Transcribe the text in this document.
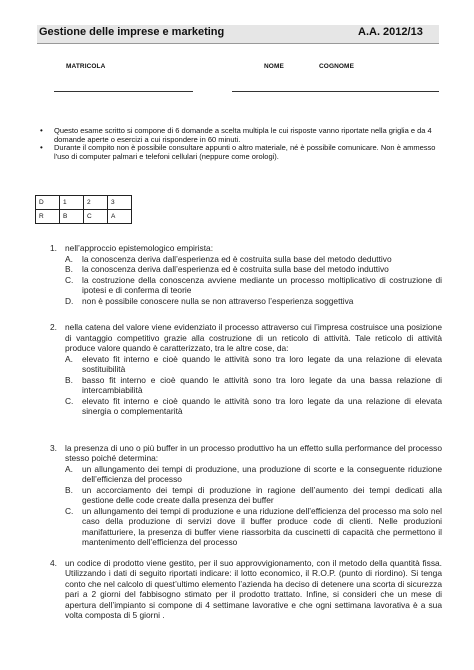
Gestione delle imprese e marketing	A.A. 2012/13
MATRICOLA	NOME	COGNOME
• Questo esame scritto si compone di 6 domande a scelta multipla le cui risposte vanno riportate nella griglia e da 4 domande aperte o esercizi a cui rispondere in 60 minuti.
• Durante il compito non è possibile consultare appunti o altro materiale, né è possibile comunicare. Non è ammesso l'uso di computer palmari e telefoni cellulari (neppure come orologi).
D	1	2	3
R	B	C	A
1. nell’approccio epistemologico empirista:
A. la conoscenza deriva dall’esperienza ed è costruita sulla base del metodo deduttivo
B. la conoscenza deriva dall’esperienza ed è costruita sulla base del metodo induttivo
C. la costruzione della conoscenza avviene mediante un processo moltiplicativo di costruzione di ipotesi e di conferma di teorie
D. non è possibile conoscere nulla se non attraverso l’esperienza soggettiva
2. nella catena del valore viene evidenziato il processo attraverso cui l’impresa costruisce una posizione di vantaggio competitivo grazie alla costruzione di un reticolo di attività. Tale reticolo di attività produce valore quando è caratterizzato, tra le altre cose, da:
A. elevato fit interno e cioè quando le attività sono tra loro legate da una relazione di elevata sostituibilità
B. basso fit interno e cioè quando le attività sono tra loro legate da una bassa relazione di intercambiabilità
C. elevato fit interno e cioè quando le attività sono tra loro legate da una relazione di elevata sinergia o complementarità
3. la presenza di uno o più buffer in un processo produttivo ha un effetto sulla performance del processo stesso poiché determina:
A. un allungamento dei tempi di produzione, una produzione di scorte e la conseguente riduzione dell’efficienza del processo
B. un accorciamento dei tempi di produzione in ragione dell’aumento dei tempi dedicati alla gestione delle code create dalla presenza dei buffer
C. un allungamento dei tempi di produzione e una riduzione dell’efficienza del processo ma solo nel caso della produzione di servizi dove il buffer produce code di clienti. Nelle produzioni manifatturiere, la presenza di buffer viene riassorbita da cuscinetti di capacità che permettono il mantenimento dell’efficienza del processo
4. un codice di prodotto viene gestito, per il suo approvvigionamento, con il metodo della quantità fissa. Utilizzando i dati di seguito riportati indicare: il lotto economico, il R.O.P. (punto di riordino). Si tenga conto che nel calcolo di quest’ultimo elemento l’azienda ha deciso di detenere una scorta di sicurezza pari a 2 giorni del fabbisogno stimato per il prodotto trattato. Infine, si consideri che un mese di apertura dell’impianto si compone di 4 settimane lavorative e che ogni settimana lavorativa è a sua volta composta di 5 giorni .
